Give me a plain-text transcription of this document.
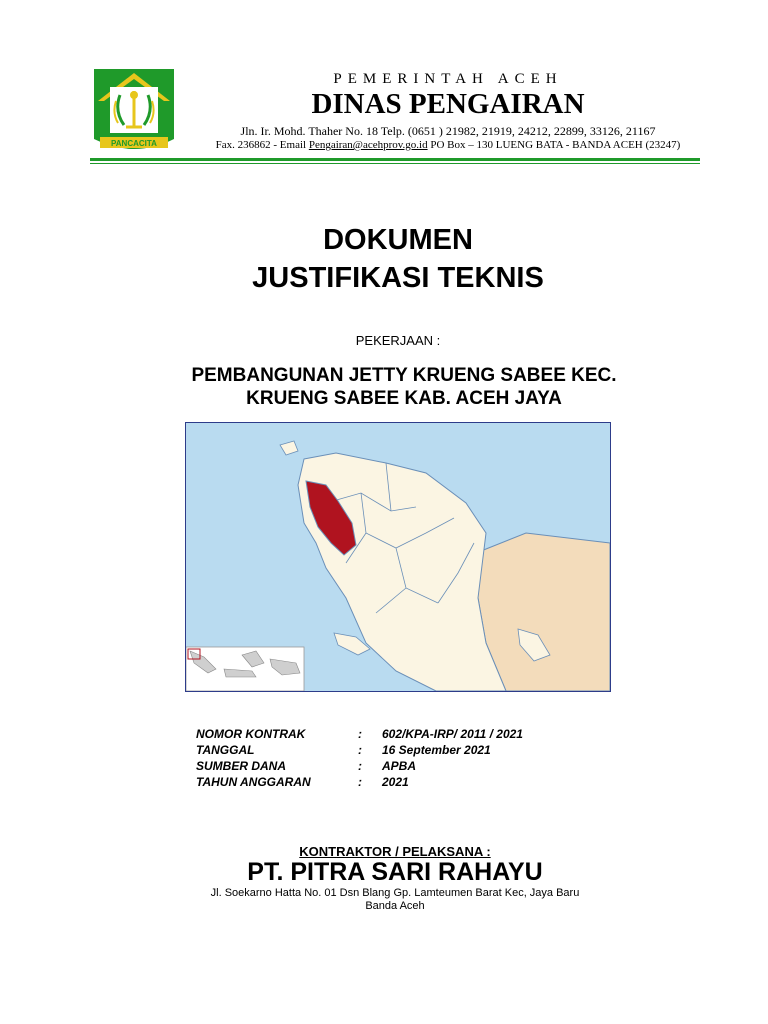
PANCACITA
PEMERINTAH ACEH
DINAS PENGAIRAN
Jln. Ir. Mohd. Thaher No. 18 Telp. (0651 ) 21982, 21919, 24212, 22899, 33126, 21167
Fax. 236862 - Email Pengairan@acehprov.go.id PO Box – 130 LUENG BATA - BANDA ACEH (23247)
DOKUMEN
JUSTIFIKASI TEKNIS
PEKERJAAN :
PEMBANGUNAN JETTY KRUENG SABEE KEC.
KRUENG SABEE KAB. ACEH JAYA
NOMOR KONTRAK	:	602/KPA-IRP/ 2011 / 2021
TANGGAL	:	16 September 2021
SUMBER DANA	:	APBA
TAHUN ANGGARAN	:	2021
KONTRAKTOR / PELAKSANA :
PT. PITRA SARI RAHAYU
Jl. Soekarno Hatta No. 01 Dsn Blang Gp. Lamteumen Barat Kec, Jaya Baru
Banda Aceh
